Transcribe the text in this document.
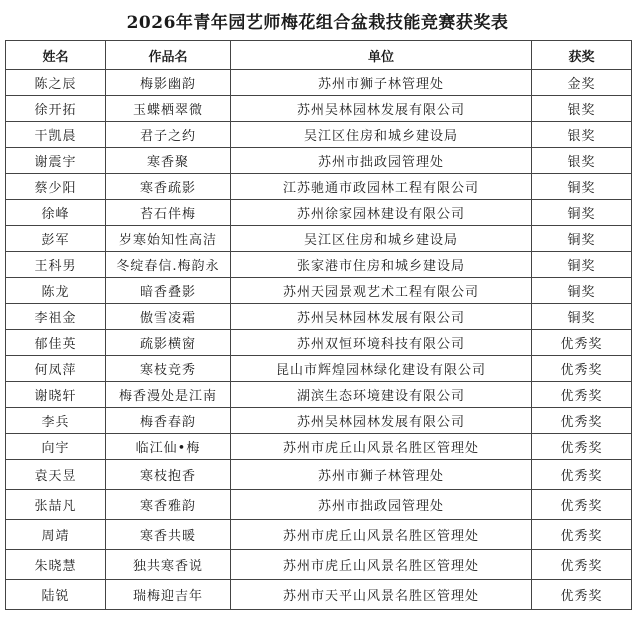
2026年青年园艺师梅花组合盆栽技能竞赛获奖表
姓名	作品名	单位	获奖
陈之辰	梅影幽韵	苏州市狮子林管理处	金奖
徐开拓	玉蝶栖翠微	苏州吴林园林发展有限公司	银奖
干凯晨	君子之约	吴江区住房和城乡建设局	银奖
谢震宇	寒香聚	苏州市拙政园管理处	银奖
蔡少阳	寒香疏影	江苏驰通市政园林工程有限公司	铜奖
徐峰	苔石伴梅	苏州徐家园林建设有限公司	铜奖
彭军	岁寒始知性高洁	吴江区住房和城乡建设局	铜奖
王科男	冬绽春信.梅韵永	张家港市住房和城乡建设局	铜奖
陈龙	暗香叠影	苏州天园景观艺术工程有限公司	铜奖
李祖金	傲雪凌霜	苏州吴林园林发展有限公司	铜奖
郁佳英	疏影横窗	苏州双恒环境科技有限公司	优秀奖
何凤萍	寒枝竞秀	昆山市辉煌园林绿化建设有限公司	优秀奖
谢晓轩	梅香漫处是江南	湖滨生态环境建设有限公司	优秀奖
李兵	梅香春韵	苏州吴林园林发展有限公司	优秀奖
向宇	临江仙•梅	苏州市虎丘山风景名胜区管理处	优秀奖
袁天昱	寒枝抱香	苏州市狮子林管理处	优秀奖
张喆凡	寒香雅韵	苏州市拙政园管理处	优秀奖
周靖	寒香共暖	苏州市虎丘山风景名胜区管理处	优秀奖
朱晓慧	独共寒香说	苏州市虎丘山风景名胜区管理处	优秀奖
陆锐	瑞梅迎吉年	苏州市天平山风景名胜区管理处	优秀奖
